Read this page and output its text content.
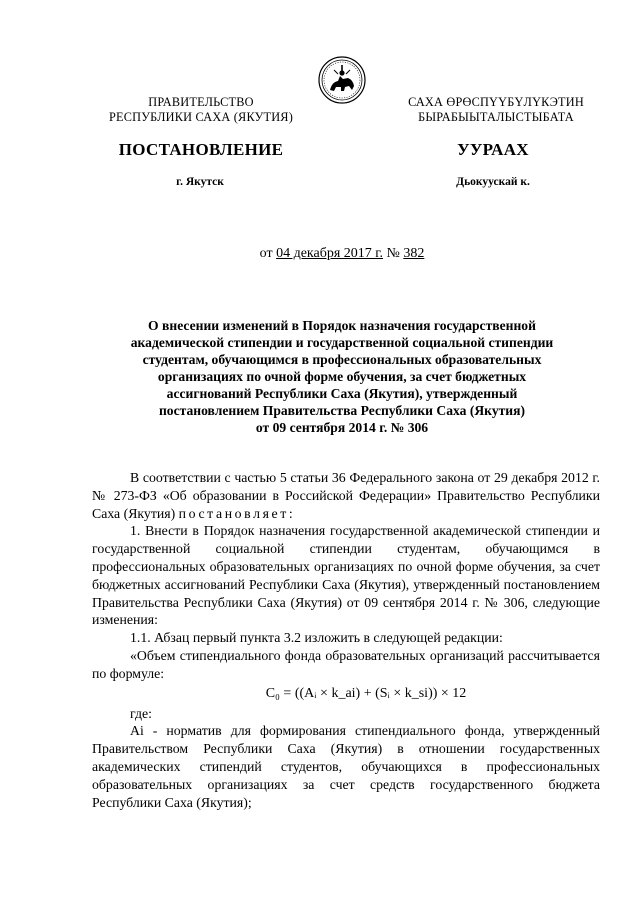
ПРАВИТЕЛЬСТВО
РЕСПУБЛИКИ САХА (ЯКУТИЯ)
САХА ӨРӨСПҮҮБҮЛҮКЭТИН
БЫРАБЫЫТАЛЫСТЫБАТА
ПОСТАНОВЛЕНИЕ	УУРААХ
г. Якутск	Дьокуускай к.
от 04 декабря 2017 г. № 382
О внесении изменений в Порядок назначения государственной
академической стипендии и государственной социальной стипендии
студентам, обучающимся в профессиональных образовательных
организациях по очной форме обучения, за счет бюджетных
ассигнований Республики Саха (Якутия), утвержденный
постановлением Правительства Республики Саха (Якутия)
от 09 сентября 2014 г. № 306

В соответствии с частью 5 статьи 36 Федерального закона от 29 декабря 2012 г. № 273-ФЗ «Об образовании в Российской Федерации» Правительство Республики Саха (Якутия) постановляет:

1. Внести в Порядок назначения государственной академической стипендии и государственной социальной стипендии студентам, обучающимся в профессиональных образовательных организациях по очной форме обучения, за счет бюджетных ассигнований Республики Саха (Якутия), утвержденный постановлением Правительства Республики Саха (Якутия) от 09 сентября 2014 г. № 306, следующие изменения:

1.1. Абзац первый пункта 3.2 изложить в следующей редакции:

«Объем стипендиального фонда образовательных организаций рассчитывается по формуле:

C₀ = ((Aᵢ × k_ai) + (Sᵢ × k_si)) × 12

где:

Ai - норматив для формирования стипендиального фонда, утвержденный Правительством Республики Саха (Якутия) в отношении государственных академических стипендий студентов, обучающихся в профессиональных образовательных организациях за счет средств государственного бюджета Республики Саха (Якутия);
